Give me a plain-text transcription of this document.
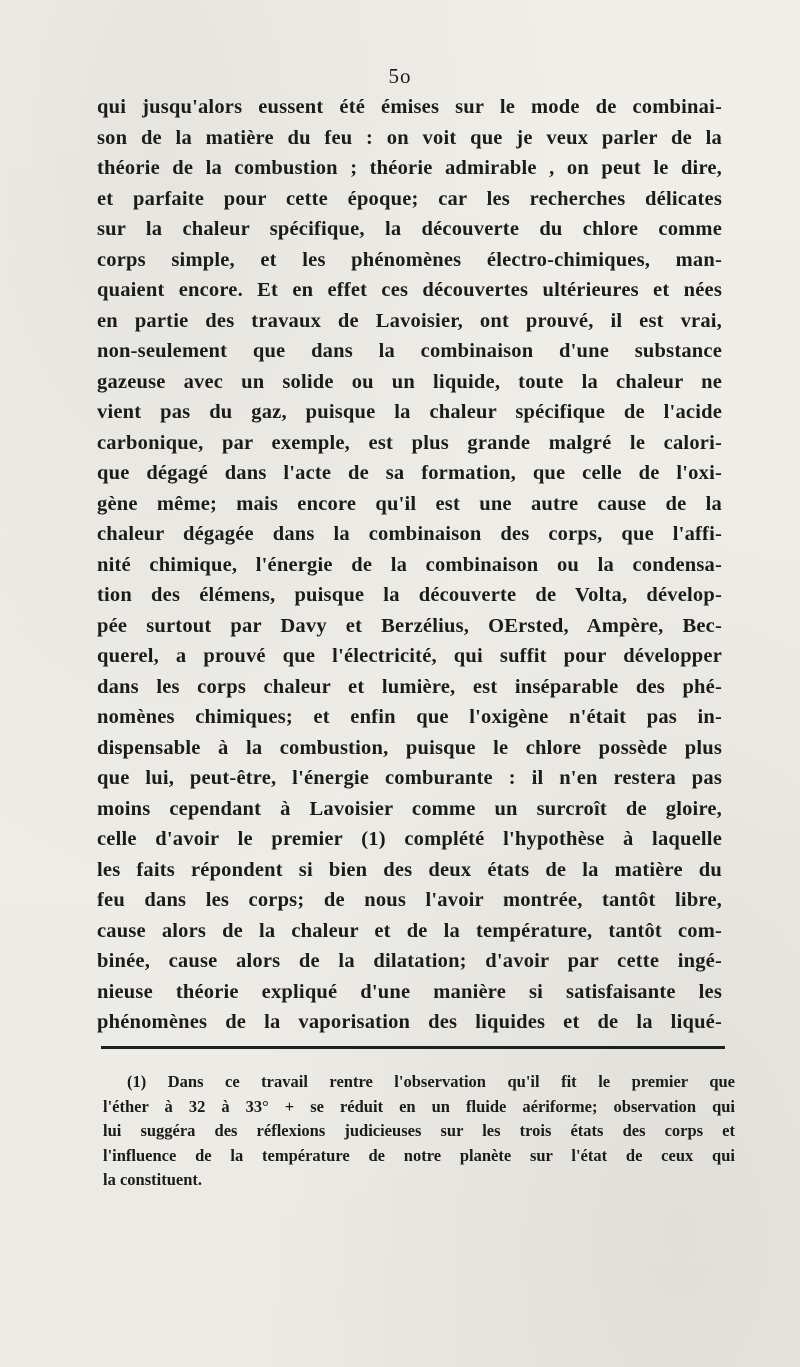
5o
qui jusqu'alors eussent été émises sur le mode de combinai-
son de la matière du feu : on voit que je veux parler de la
théorie de la combustion ; théorie admirable , on peut le dire,
et parfaite pour cette époque; car les recherches délicates
sur la chaleur spécifique, la découverte du chlore comme
corps simple, et les phénomènes électro-chimiques, man-
quaient encore. Et en effet ces découvertes ultérieures et nées
en partie des travaux de Lavoisier, ont prouvé, il est vrai,
non-seulement que dans la combinaison d'une substance
gazeuse avec un solide ou un liquide, toute la chaleur ne
vient pas du gaz, puisque la chaleur spécifique de l'acide
carbonique, par exemple, est plus grande malgré le calori-
que dégagé dans l'acte de sa formation, que celle de l'oxi-
gène même; mais encore qu'il est une autre cause de la
chaleur dégagée dans la combinaison des corps, que l'affi-
nité chimique, l'énergie de la combinaison ou la condensa-
tion des élémens, puisque la découverte de Volta, dévelop-
pée surtout par Davy et Berzélius, OErsted, Ampère, Bec-
querel, a prouvé que l'électricité, qui suffit pour développer
dans les corps chaleur et lumière, est inséparable des phé-
nomènes chimiques; et enfin que l'oxigène n'était pas in-
dispensable à la combustion, puisque le chlore possède plus
que lui, peut-être, l'énergie comburante : il n'en restera pas
moins cependant à Lavoisier comme un surcroît de gloire,
celle d'avoir le premier (1) complété l'hypothèse à laquelle
les faits répondent si bien des deux états de la matière du
feu dans les corps; de nous l'avoir montrée, tantôt libre,
cause alors de la chaleur et de la température, tantôt com-
binée, cause alors de la dilatation; d'avoir par cette ingé-
nieuse théorie expliqué d'une manière si satisfaisante les
phénomènes de la vaporisation des liquides et de la liqué-
(1) Dans ce travail rentre l'observation qu'il fit le premier que
l'éther à 32 à 33° + se réduit en un fluide aériforme; observation qui
lui suggéra des réflexions judicieuses sur les trois états des corps et
l'influence de la température de notre planète sur l'état de ceux qui
la constituent.
